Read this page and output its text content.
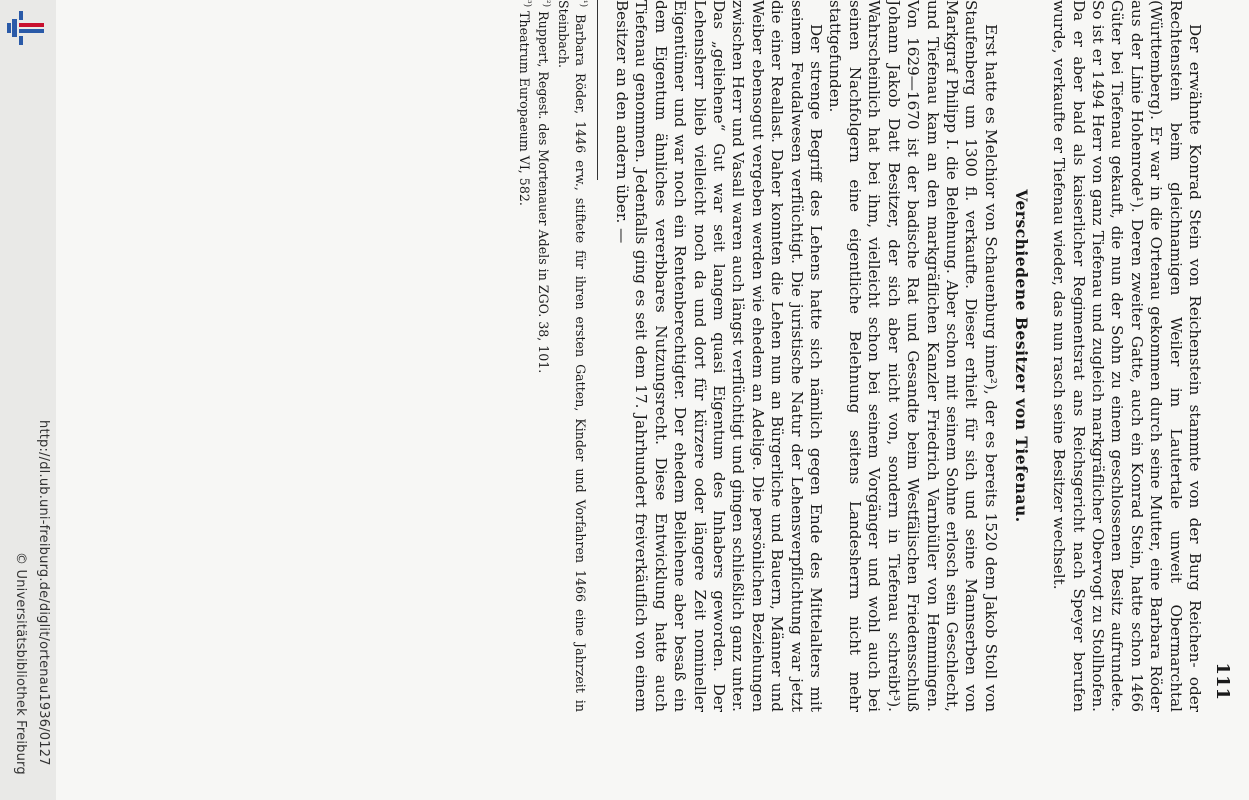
http://dl.ub.uni-freiburg.de/diglit/ortenau1936/0127
© Universitätsbibliothek Freiburg	111

Der erwähnte Konrad Stein von Reichenstein stammte von der Burg Reichen- oder Rechtenstein beim gleichnamigen Weiler im Lautertale unweit Obermarchtal (Württemberg). Er war in die Ortenau gekommen durch seine Mutter, eine Barbara Röder aus der Linie Hohenrode¹). Deren zweiter Gatte, auch ein Konrad Stein, hatte schon 1466 Güter bei Tiefenau gekauft, die nun der Sohn zu einem geschlossenen Besitz aufrundete. So ist er 1494 Herr von ganz Tiefenau und zugleich markgräflicher Obervogt zu Stollhofen. Da er aber bald als kaiserlicher Regimentsrat ans Reichsgericht nach Speyer berufen wurde, verkaufte er Tiefenau wieder, das nun rasch seine Besitzer wechselt.

Verschiedene Besitzer von Tiefenau.

Erst hatte es Melchior von Schauenburg inne²), der es bereits 1520 dem Jakob Stoll von Staufenberg um 1300 fl. verkaufte. Dieser erhielt für sich und seine Mannserben von Markgraf Philipp I. die Belehnung. Aber schon mit seinem Sohne erlosch sein Geschlecht, und Tiefenau kam an den markgräflichen Kanzler Friedrich Varnbüller von Hemmingen. Von 1629—1670 ist der badische Rat und Gesandte beim Westfälischen Friedensschluß Johann Jakob Datt Besitzer, der sich aber nicht von, sondern in Tiefenau schreibt³). Wahrscheinlich hat bei ihm, vielleicht schon bei seinem Vorgänger und wohl auch bei seinen Nachfolgern eine eigentliche Belehnung seitens Landesherrn nicht mehr stattgefunden.

Der strenge Begriff des Lehens hatte sich nämlich gegen Ende des Mittelalters mit seinem Feudalwesen verflüchtigt. Die juristische Natur der Lehensverpflichtung war jetzt die einer Reallast. Daher konnten die Lehen nun an Bürgerliche und Bauern, Männer und Weiber ebensogut vergeben werden wie ehedem an Adelige. Die persönlichen Beziehungen zwischen Herr und Vasall waren auch längst verflüchtigt und gingen schließlich ganz unter. Das „geliehene“ Gut war seit langem quasi Eigentum des Inhabers geworden. Der Lehensherr blieb vielleicht noch da und dort für kürzere oder längere Zeit nomineller Eigentümer und war noch ein Rentenberechtigter. Der ehedem Beliehene aber besaß ein dem Eigentum ähnliches vererbbares Nutzungsrecht. Diese Entwicklung hatte auch Tiefenau genommen. Jedenfalls ging es seit dem 17. Jahrhundert freiverkäuflich von einem Besitzer an den andern über. —

$^{^1)}$ Barbara Röder, 1446 erw., stiftete für ihren ersten Gatten, Kinder und Vorfahren 1466 eine Jahrzeit in Steinbach.

$^{^2)}$ Ruppert, Regest. des Mortenauer Adels in ZGO. 38, 101.

$^{^3)}$ Theatrum Europaeum VI, 582.
